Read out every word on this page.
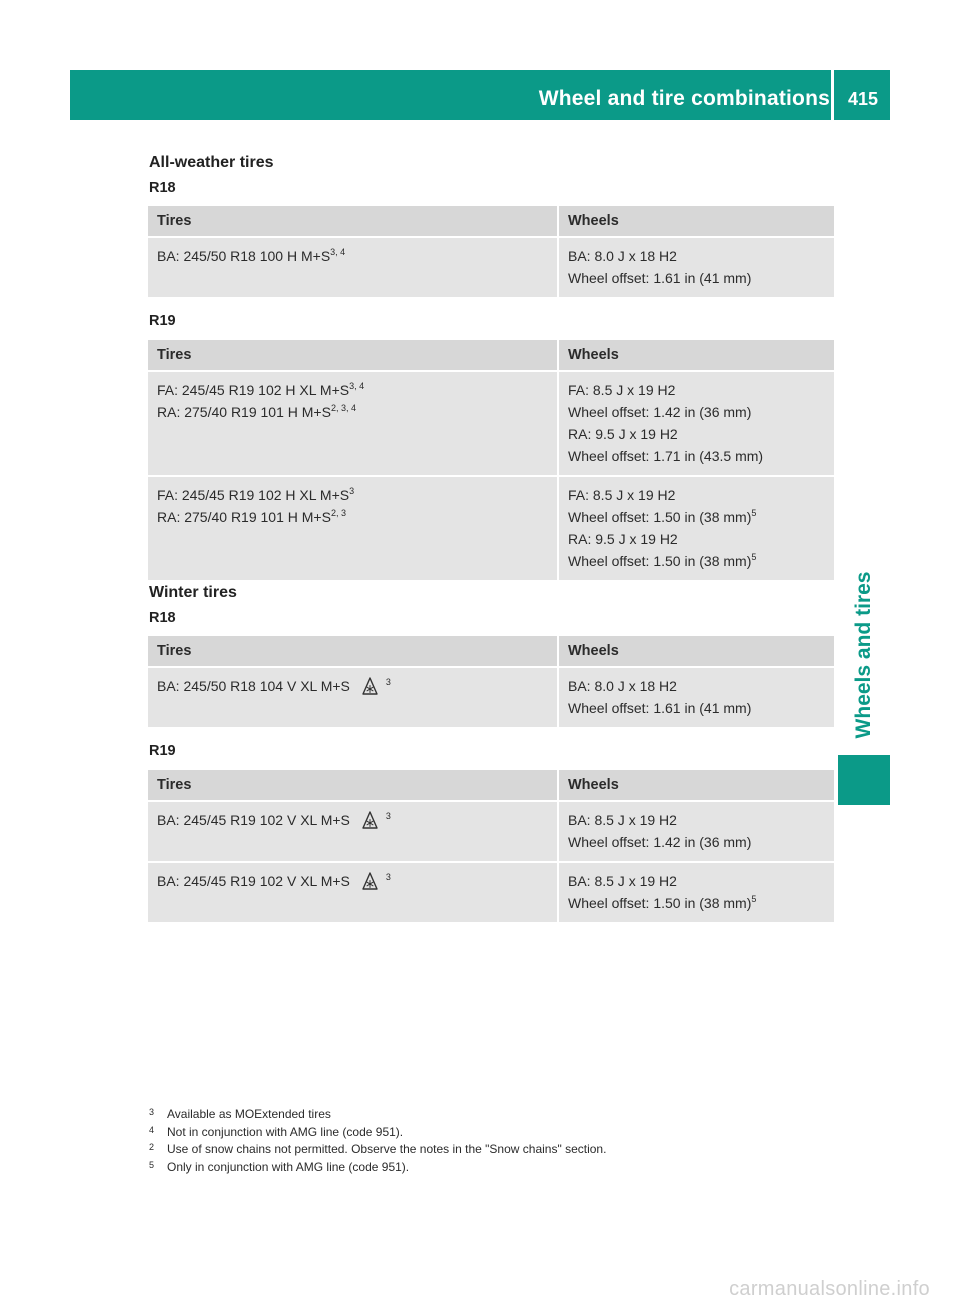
Wheel and tire combinations 415
Wheels and tires
All-weather tires
R18
Tires	Wheels

BA: 245/50 R18 100 H $M+S^{3, 4}$	BA: 8.0 J x 18 H2
Wheel offset: 1.61 in (41 mm)
R19
Tires	Wheels

FA: 245/45 R19 102 H XL $M+S^{3, 4}$
RA: 275/40 R19 101 H $M+S^{2, 3, 4}$	FA: 8.5 J x 19 H2
Wheel offset: 1.42 in (36 mm)
RA: 9.5 J x 19 H2
Wheel offset: 1.71 in (43.5 mm)

FA: 245/45 R19 102 H XL $M+S^3$
RA: 275/40 R19 101 H $M+S^{2, 3}$	FA: 8.5 J x 19 H2
Wheel offset: 1.50 in (38 mm)$^5$
RA: 9.5 J x 19 H2
Wheel offset: 1.50 in (38 mm)$^5$
Winter tires
R18
Tires	Wheels

BA: 245/50 R18 104 V XL M+S $^3$	BA: 8.0 J x 18 H2
Wheel offset: 1.61 in (41 mm)
R19
Tires	Wheels

BA: 245/45 R19 102 V XL M+S $^3$	BA: 8.5 J x 19 H2
Wheel offset: 1.42 in (36 mm)

BA: 245/45 R19 102 V XL M+S $^3$	BA: 8.5 J x 19 H2
Wheel offset: 1.50 in (38 mm)$^5$
3 Available as MOExtended tires
4 Not in conjunction with AMG line (code 951).
2 Use of snow chains not permitted. Observe the notes in the "Snow chains" section.
5 Only in conjunction with AMG line (code 951).
carmanualsonline.info
